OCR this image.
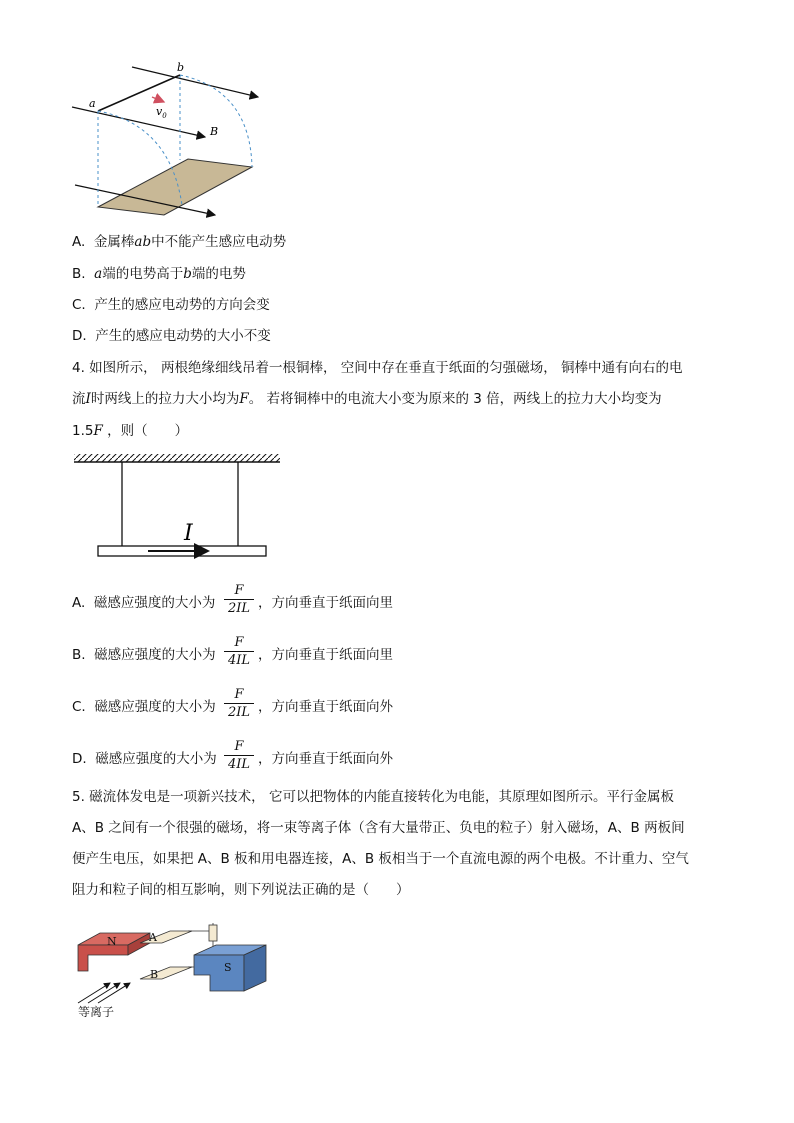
a
b
$v_0$
B
A. 金属棒ab中不能产生感应电动势
B. a端的电势高于b端的电势
C. 产生的感应电动势的方向会变
D. 产生的感应电动势的大小不变
4. 如图所示， 两根绝缘细线吊着一根铜棒， 空间中存在垂直于纸面的匀强磁场， 铜棒中通有向右的电
流I时两线上的拉力大小均为F。 若将铜棒中的电流大小变为原来的 3 倍，两线上的拉力大小均变为
1.5F ，则（　　）
I
A. 磁感应强度的大小为
F
2IL ，方向垂直于纸面向里
B. 磁感应强度的大小为
F
4IL ，方向垂直于纸面向里
C. 磁感应强度的大小为
F
2IL ，方向垂直于纸面向外
D. 磁感应强度的大小为
F
4IL ，方向垂直于纸面向外
5. 磁流体发电是一项新兴技术， 它可以把物体的内能直接转化为电能，其原理如图所示。平行金属板
A、B 之间有一个很强的磁场，将一束等离子体（含有大量带正、负电的粒子）射入磁场，A、B 两板间
便产生电压，如果把 A、B 板和用电器连接，A、B 板相当于一个直流电源的两个电极。不计重力、空气
阻力和粒子间的相互影响，则下列说法正确的是（　　）
N	A
B
S
等离子
